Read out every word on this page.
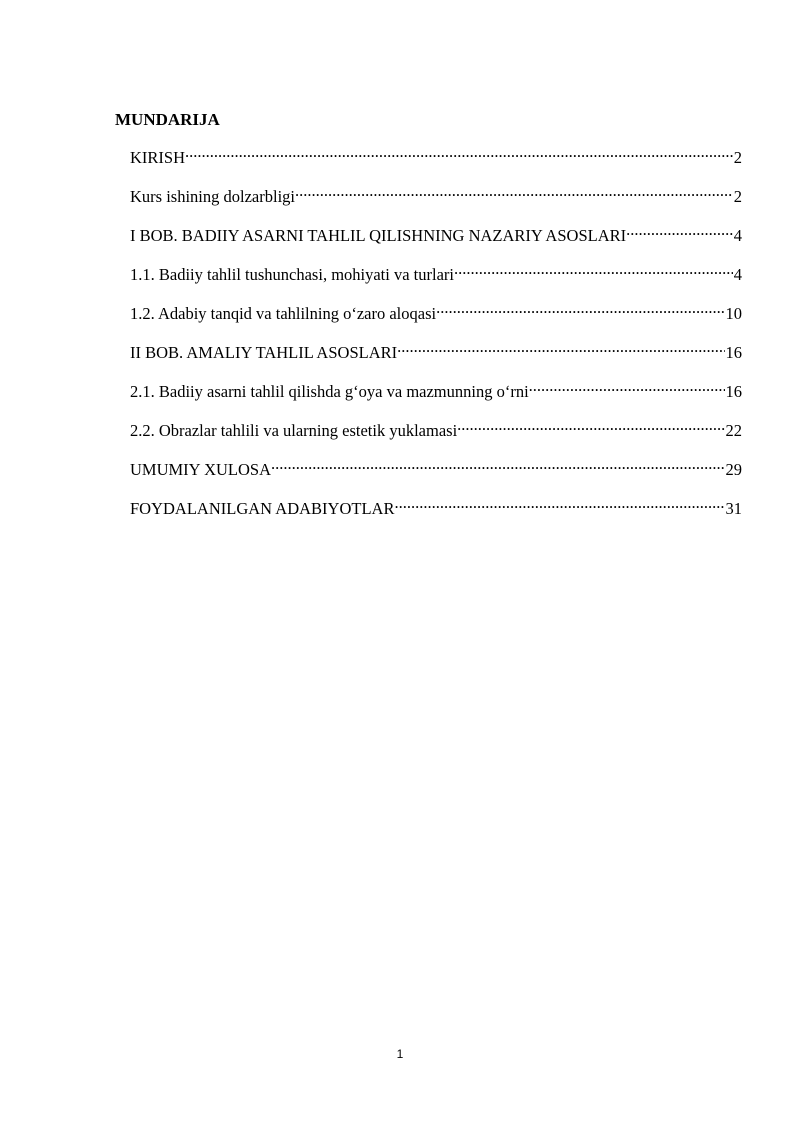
MUNDARIJA
KIRISH .....	2
Kurs ishining dolzarbligi .....	2
I BOB. BADIIY ASARNI TAHLIL QILISHNING NAZARIY ASOSLARI .....	4
1.1. Badiiy tahlil tushunchasi, mohiyati va turlari .....	4
1.2. Adabiy tanqid va tahlilning o‘zaro aloqasi .....	10
II BOB. AMALIY TAHLIL ASOSLARI .....	16
2.1. Badiiy asarni tahlil qilishda g‘oya va mazmunning o‘rni .....	16
2.2. Obrazlar tahlili va ularning estetik yuklamasi .....	22
UMUMIY XULOSA .....	29
FOYDALANILGAN ADABIYOTLAR .....	31
1
